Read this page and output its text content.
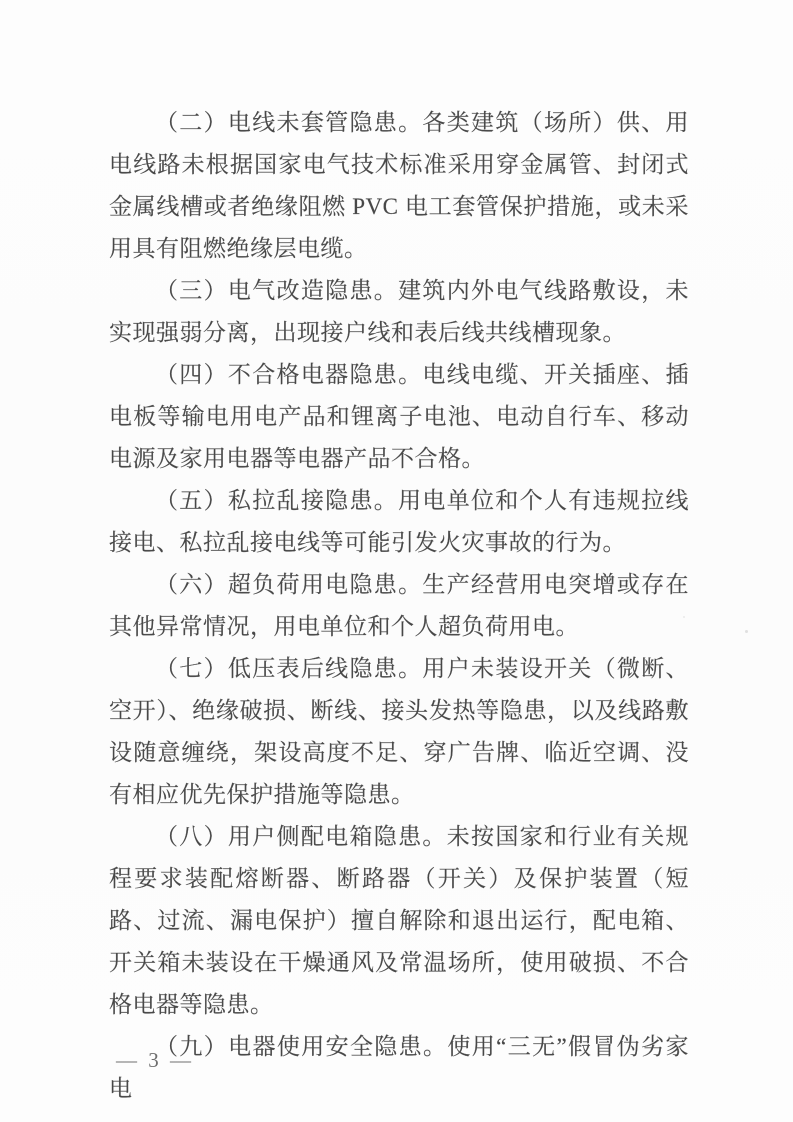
（二）电线未套管隐患。各类建筑（场所）供、用电线路未根据国家电气技术标准采用穿金属管、封闭式金属线槽或者绝缘阻燃 PVC 电工套管保护措施，或未采用具有阻燃绝缘层电缆。

（三）电气改造隐患。建筑内外电气线路敷设，未实现强弱分离，出现接户线和表后线共线槽现象。

（四）不合格电器隐患。电线电缆、开关插座、插电板等输电用电产品和锂离子电池、电动自行车、移动电源及家用电器等电器产品不合格。

（五）私拉乱接隐患。用电单位和个人有违规拉线接电、私拉乱接电线等可能引发火灾事故的行为。

（六）超负荷用电隐患。生产经营用电突增或存在其他异常情况，用电单位和个人超负荷用电。

（七）低压表后线隐患。用户未装设开关（微断、空开）、绝缘破损、断线、接头发热等隐患，以及线路敷设随意缠绕，架设高度不足、穿广告牌、临近空调、没有相应优先保护措施等隐患。

（八）用户侧配电箱隐患。未按国家和行业有关规程要求装配熔断器、断路器（开关）及保护装置（短路、过流、漏电保护）擅自解除和退出运行，配电箱、开关箱未装设在干燥通风及常温场所，使用破损、不合格电器等隐患。

（九）电器使用安全隐患。使用“三无”假冒伪劣家电

— 3 —
